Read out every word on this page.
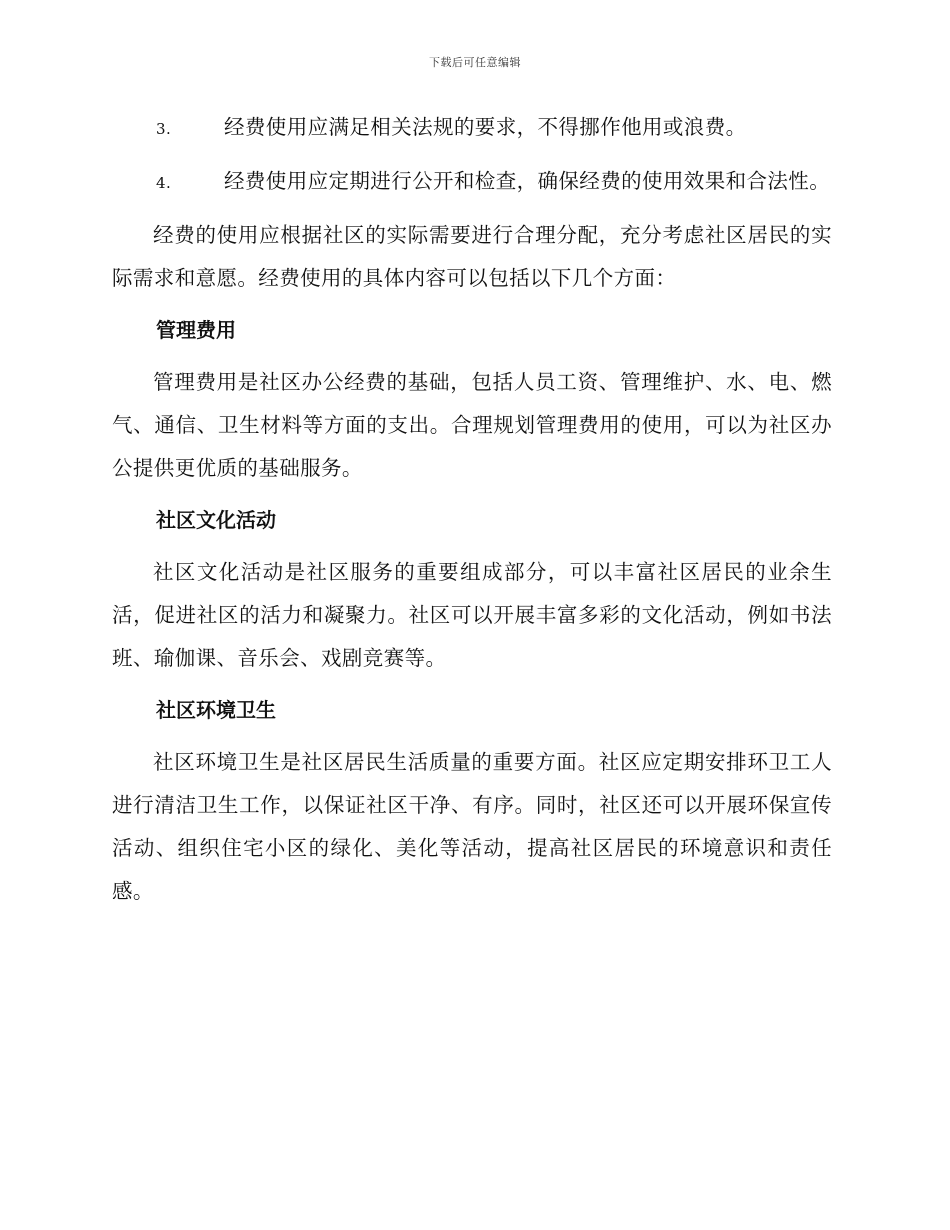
下载后可任意编辑

3.	经费使用应满足相关法规的要求，不得挪作他用或浪费。

4.	经费使用应定期进行公开和检查，确保经费的使用效果和合法性。

经费的使用应根据社区的实际需要进行合理分配，充分考虑社区居民的实际需求和意愿。经费使用的具体内容可以包括以下几个方面：

管理费用

管理费用是社区办公经费的基础，包括人员工资、管理维护、水、电、燃气、通信、卫生材料等方面的支出。合理规划管理费用的使用，可以为社区办公提供更优质的基础服务。

社区文化活动

社区文化活动是社区服务的重要组成部分，可以丰富社区居民的业余生活，促进社区的活力和凝聚力。社区可以开展丰富多彩的文化活动，例如书法班、瑜伽课、音乐会、戏剧竞赛等。

社区环境卫生

社区环境卫生是社区居民生活质量的重要方面。社区应定期安排环卫工人进行清洁卫生工作，以保证社区干净、有序。同时，社区还可以开展环保宣传活动、组织住宅小区的绿化、美化等活动，提高社区居民的环境意识和责任感。
